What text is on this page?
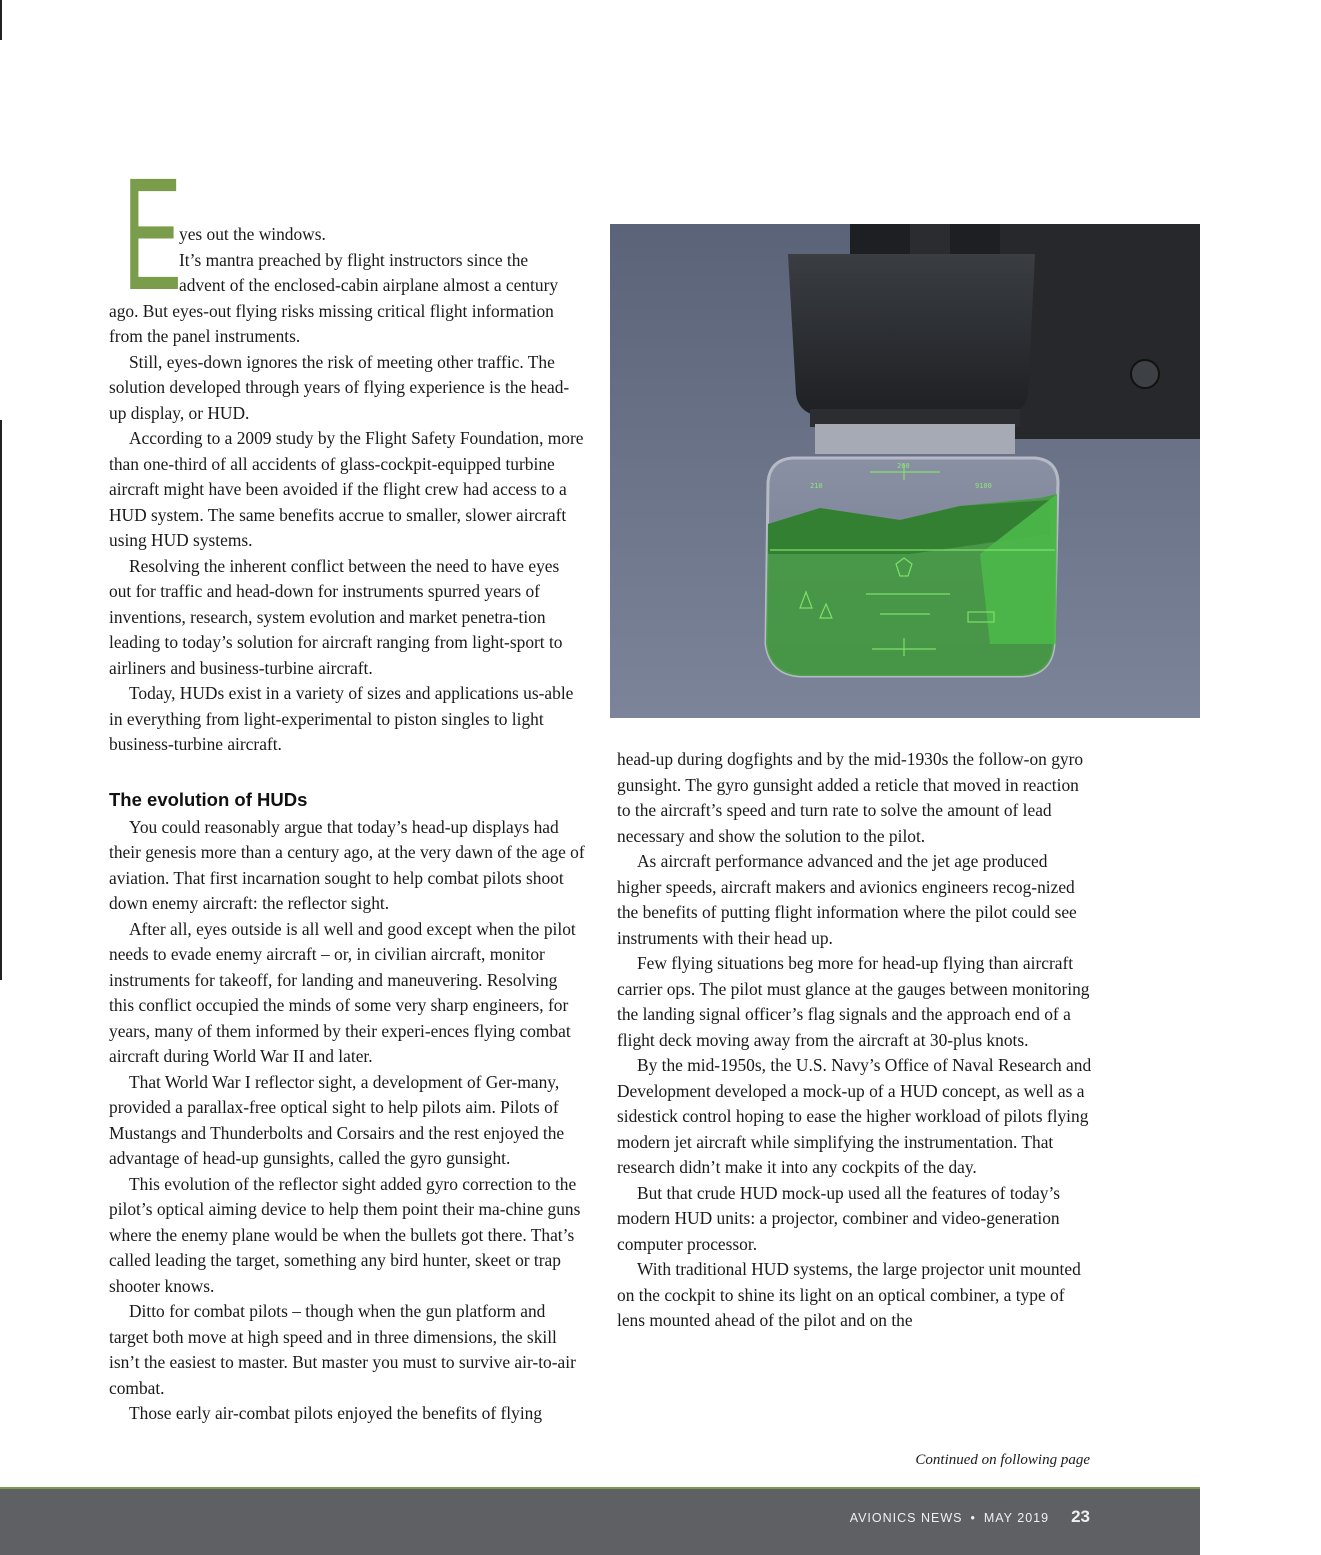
E yes out the windows.

It’s mantra preached by flight instructors since the

advent of the enclosed-cabin airplane almost a century ago. But eyes-out flying risks missing critical flight information from the panel instruments.

Still, eyes-down ignores the risk of meeting other traffic. The solution developed through years of flying experience is the head-up display, or HUD.

According to a 2009 study by the Flight Safety Foundation, more than one-third of all accidents of glass-cockpit-equipped turbine aircraft might have been avoided if the flight crew had access to a HUD system. The same benefits accrue to smaller, slower aircraft using HUD systems.

Resolving the inherent conflict between the need to have eyes out for traffic and head-down for instruments spurred years of inventions, research, system evolution and market penetra-tion leading to today’s solution for aircraft ranging from light-sport to airliners and business-turbine aircraft.

Today, HUDs exist in a variety of sizes and applications us-able in everything from light-experimental to piston singles to light business-turbine aircraft.

The evolution of HUDs

You could reasonably argue that today’s head-up displays had their genesis more than a century ago, at the very dawn of the age of aviation. That first incarnation sought to help combat pilots shoot down enemy aircraft: the reflector sight.

After all, eyes outside is all well and good except when the pilot needs to evade enemy aircraft – or, in civilian aircraft, monitor instruments for takeoff, for landing and maneuvering. Resolving this conflict occupied the minds of some very sharp engineers, for years, many of them informed by their experi-ences flying combat aircraft during World War II and later.

That World War I reflector sight, a development of Ger-many, provided a parallax-free optical sight to help pilots aim. Pilots of Mustangs and Thunderbolts and Corsairs and the rest enjoyed the advantage of head-up gunsights, called the gyro gunsight.

This evolution of the reflector sight added gyro correction to the pilot’s optical aiming device to help them point their ma-chine guns where the enemy plane would be when the bullets got there. That’s called leading the target, something any bird hunter, skeet or trap shooter knows.

Ditto for combat pilots – though when the gun platform and target both move at high speed and in three dimensions, the skill isn’t the easiest to master. But master you must to survive air-to-air combat.

Those early air-combat pilots enjoyed the benefits of flying

260
210	9100
Collins Aerospace’s
HGS-3500

head-up during dogfights and by the mid-1930s the follow-on gyro gunsight. The gyro gunsight added a reticle that moved in reaction to the aircraft’s speed and turn rate to solve the amount of lead necessary and show the solution to the pilot.

As aircraft performance advanced and the jet age produced higher speeds, aircraft makers and avionics engineers recog-nized the benefits of putting flight information where the pilot could see instruments with their head up.

Few flying situations beg more for head-up flying than aircraft carrier ops. The pilot must glance at the gauges between monitoring the landing signal officer’s flag signals and the approach end of a flight deck moving away from the aircraft at 30-plus knots.

By the mid-1950s, the U.S. Navy’s Office of Naval Research and Development developed a mock-up of a HUD concept, as well as a sidestick control hoping to ease the higher workload of pilots flying modern jet aircraft while simplifying the instrumentation. That research didn’t make it into any cockpits of the day.

But that crude HUD mock-up used all the features of today’s modern HUD units: a projector, combiner and video-generation computer processor.

With traditional HUD systems, the large projector unit mounted on the cockpit to shine its light on an optical combiner, a type of lens mounted ahead of the pilot and on the

Continued on following page
AVIONICS NEWS • MAY 2019 23
